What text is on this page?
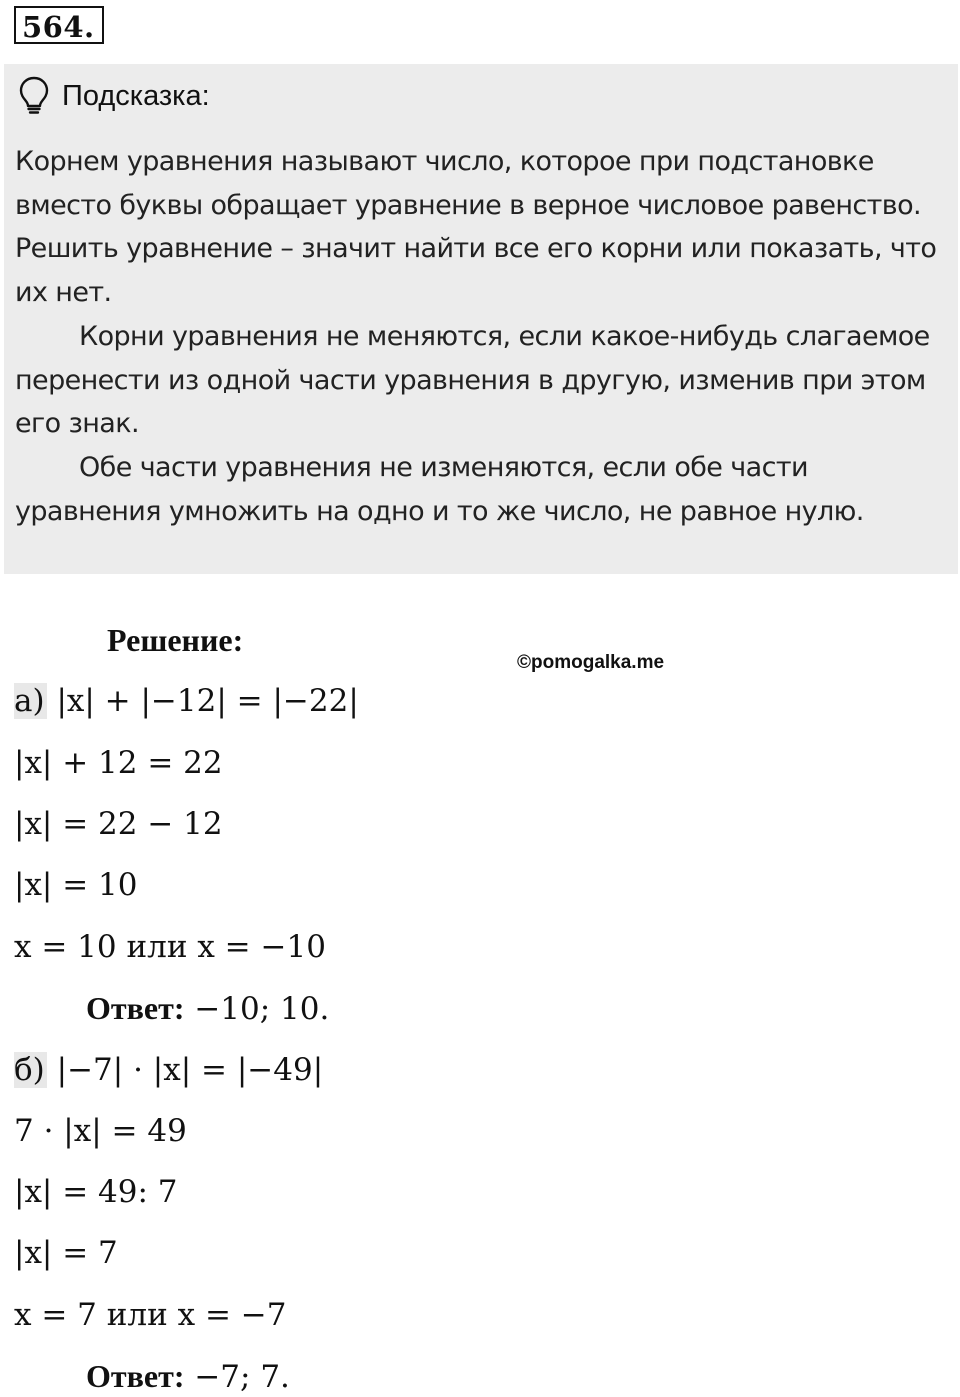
564.
Подсказка:

Корнем уравнения называют число, которое при подстановке вместо буквы обращает уравнение в верное числовое равенство.

Решить уравнение – значит найти все его корни или показать, что их нет.

Корни уравнения не меняются, если какое-нибудь слагаемое перенести из одной части уравнения в другую, изменив при этом его знак.

Обе части уравнения не изменяются, если обе части уравнения умножить на одно и то же число, не равное нулю.

Решение:
©pomogalka.me
а) |x| + |−12| = |−22|
|x| + 12 = 22
|x| = 22 − 12
|x| = 10
x = 10 или x = −10
Ответ: −10; 10.
б) |−7| · |x| = |−49|
7 · |x| = 49
|x| = 49: 7
|x| = 7
x = 7 или x = −7
Ответ: −7; 7.
